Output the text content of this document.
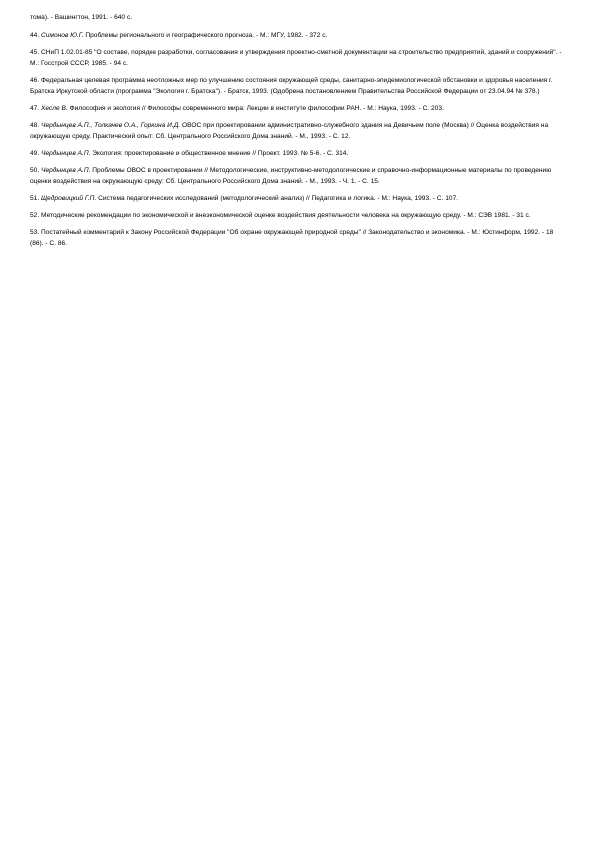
тома). - Вашингтон, 1991. - 640 с.

44. Симонов Ю.Г. Проблемы регионального и географического прогноза. - М.: МГУ, 1982. - 372 с.

45. СНиП 1.02.01-85 "О составе, порядке разработки, согласования и утверждения проектно-сметной документации на строительство предприятий, зданий и сооружений". - М.: Госстрой СССР, 1985. - 94 с.

46. Федеральная целевая программа неотложных мер по улучшению состояния окружающей среды, санитарно-эпидемиологической обстановки и здоровья населения г. Братска Иркутской области (программа "Экология г. Братска"). - Братск, 1993. (Одобрена постановлением Правительства Российской Федерации от 23.04.94 № 378.)

47. Хесле В. Философия и экология // Философы современного мира: Лекции в институте философии РАН. - М.: Наука, 1993. - С. 203.

48. Чердынцев А.П., Толкачев О.А., Горкина И.Д. ОВОС при проектировании административно-служебного здания на Девичьем поле (Москва) // Оценка воздействия на окружающую среду. Практический опыт: Сб. Центрального Российского Дома знаний. - М., 1993. - С. 12.

49. Чердынцев А.П. Экология: проектирование и общественное мнение // Проект. 1993. № 5-6. - С. 314.

50. Чердынцев А.П. Проблемы ОВОС в проектировании // Методологические, инструктивно-методологические и справочно-информационные материалы по проведению оценки воздействия на окружающую среду: Сб. Центрального Российского Дома знаний. - М., 1993. - Ч. 1. - С. 15.

51. Щедровицкий Г.П. Система педагогических исследований (методологический анализ) // Педагогика и логика. - М.: Наука, 1993. - С. 107.

52. Методические рекомендации по экономической и внеэкономической оценке воздействия деятельности человека на окружающую среду. - М.: СЭВ 1981. - 31 с.

53. Постатейный комментарий к Закону Российской Федерации "Об охране окружающей природной среды" // Законодательство и экономика. - М.: Юстинформ, 1992. - 18 (86). - С. 86.
